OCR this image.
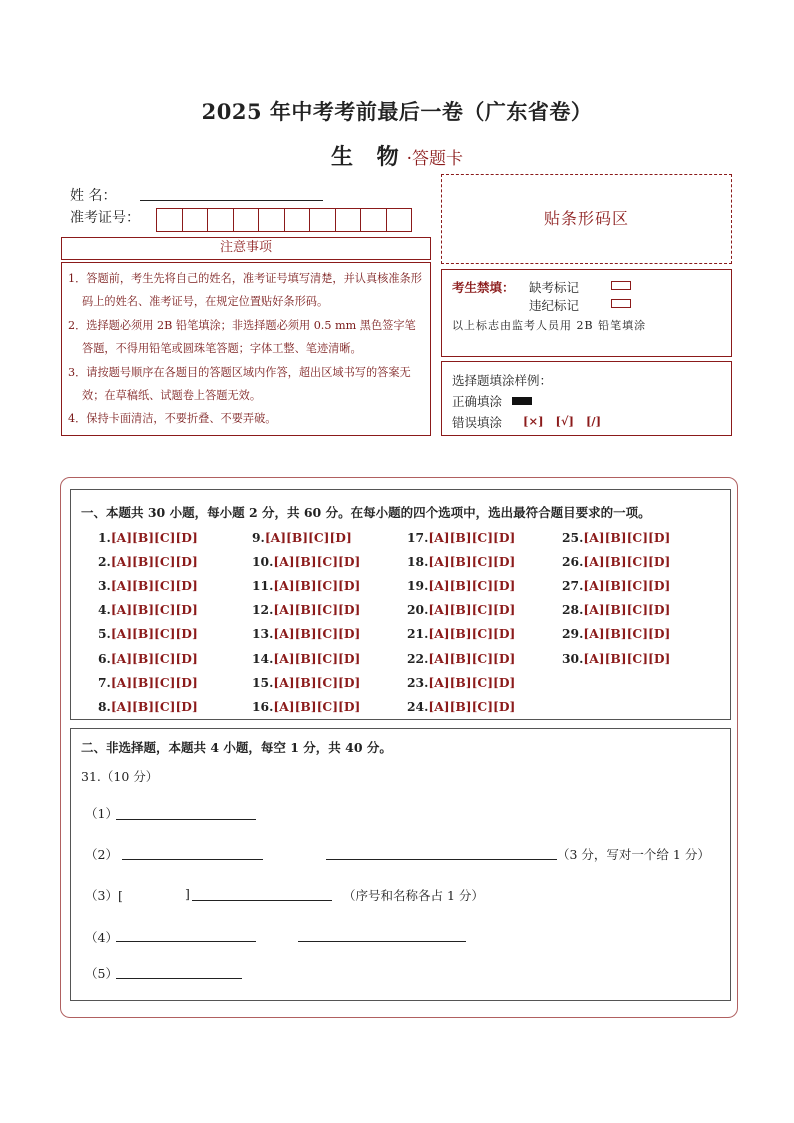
2025 年中考考前最后一卷（广东省卷）
生 物·答题卡
姓 名：
准考证号：	贴条形码区
注意事项

1．答题前，考生先将自己的姓名，准考证号填写清楚，并认真核准条形码上的姓名、准考证号，在规定位置贴好条形码。

2．选择题必须用 2B 铅笔填涂；非选择题必须用 0.5 mm 黑色签字笔答题，不得用铅笔或圆珠笔答题；字体工整、笔迹清晰。

3．请按题号顺序在各题目的答题区域内作答，超出区域书写的答案无效；在草稿纸、试题卷上答题无效。

4．保持卡面清洁，不要折叠、不要弄破。

考生禁填： 缺考标记
违纪标记
以上标志由监考人员用 2B 铅笔填涂
选择题填涂样例：
正确填涂
错误填涂 [×]   [√]   [/]
一、本题共 30 小题，每小题 2 分，共 60 分。在每小题的四个选项中，选出最符合题目要求的一项。
1.[A][B][C][D]
2.[A][B][C][D]
3.[A][B][C][D]
4.[A][B][C][D]
5.[A][B][C][D]
6.[A][B][C][D]
7.[A][B][C][D]
8.[A][B][C][D]
9.[A][B][C][D]
10.[A][B][C][D]
11.[A][B][C][D]
12.[A][B][C][D]
13.[A][B][C][D]
14.[A][B][C][D]
15.[A][B][C][D]
16.[A][B][C][D]
17.[A][B][C][D]
18.[A][B][C][D]
19.[A][B][C][D]
20.[A][B][C][D]
21.[A][B][C][D]
22.[A][B][C][D]
23.[A][B][C][D]
24.[A][B][C][D]
25.[A][B][C][D]
26.[A][B][C][D]
27.[A][B][C][D]
28.[A][B][C][D]
29.[A][B][C][D]
30.[A][B][C][D]
二、非选择题，本题共 4 小题，每空 1 分，共 40 分。
31.（10 分）
（1）
（2）	（3 分，写对一个给 1 分）
（3）[	]	（序号和名称各占 1 分）
（4）
（5）
